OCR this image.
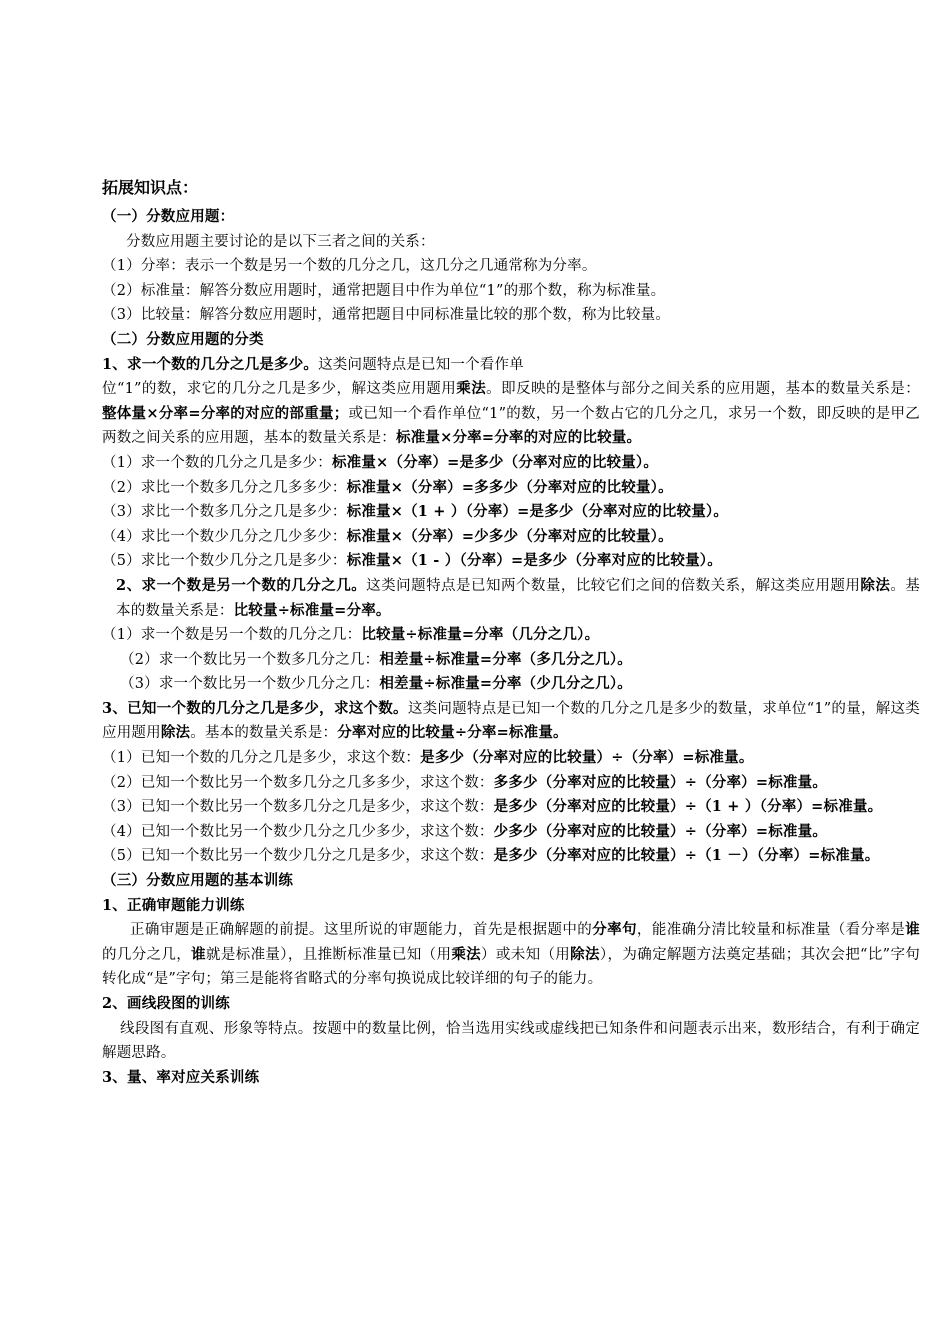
拓展知识点：
（一）分数应用题：
分数应用题主要讨论的是以下三者之间的关系：
（1）分率：表示一个数是另一个数的几分之几，这几分之几通常称为分率。
（2）标准量：解答分数应用题时，通常把题目中作为单位“1”的那个数，称为标准量。
（3）比较量：解答分数应用题时，通常把题目中同标准量比较的那个数，称为比较量。
（二）分数应用题的分类
1、求一个数的几分之几是多少。这类问题特点是已知一个看作单
位“1”的数，求它的几分之几是多少，解这类应用题用乘法。即反映的是整体与部分之间关系的应用题，基本的数量关系是：整体量×分率=分率的对应的部重量；或已知一个看作单位“1”的数，另一个数占它的几分之几，求另一个数，即反映的是甲乙两数之间关系的应用题，基本的数量关系是：标准量×分率=分率的对应的比较量。
（1）求一个数的几分之几是多少：标准量×（分率）=是多少（分率对应的比较量）。
（2）求比一个数多几分之几多多少：标准量×（分率）=多多少（分率对应的比较量）。
（3）求比一个数多几分之几是多少：标准量×（1 + ）（分率）=是多少（分率对应的比较量）。
（4）求比一个数少几分之几少多少：标准量×（分率）=少多少（分率对应的比较量）。
（5）求比一个数少几分之几是多少：标准量×（1 - ）（分率）=是多少（分率对应的比较量）。
2、求一个数是另一个数的几分之几。这类问题特点是已知两个数量，比较它们之间的倍数关系，解这类应用题用除法。基本的数量关系是：比较量÷标准量=分率。
（1）求一个数是另一个数的几分之几：比较量÷标准量=分率（几分之几）。
（2）求一个数比另一个数多几分之几：相差量÷标准量=分率（多几分之几）。
（3）求一个数比另一个数少几分之几：相差量÷标准量=分率（少几分之几）。
3、已知一个数的几分之几是多少，求这个数。这类问题特点是已知一个数的几分之几是多少的数量，求单位“1”的量，解这类应用题用除法。基本的数量关系是：分率对应的比较量÷分率=标准量。
（1）已知一个数的几分之几是多少，求这个数：是多少（分率对应的比较量）÷（分率）=标准量。
（2）已知一个数比另一个数多几分之几多多少，求这个数：多多少（分率对应的比较量）÷（分率）=标准量。
（3）已知一个数比另一个数多几分之几是多少，求这个数：是多少（分率对应的比较量）÷（1 + ）（分率）=标准量。
（4）已知一个数比另一个数少几分之几少多少，求这个数：少多少（分率对应的比较量）÷（分率）=标准量。
（5）已知一个数比另一个数少几分之几是多少，求这个数：是多少（分率对应的比较量）÷（1 －）（分率）=标准量。
（三）分数应用题的基本训练
1、正确审题能力训练
正确审题是正确解题的前提。这里所说的审题能力，首先是根据题中的分率句，能准确分清比较量和标准量（看分率是谁的几分之几，谁就是标准量），且推断标准量已知（用乘法）或未知（用除法），为确定解题方法奠定基础；其次会把“比”字句转化成“是”字句；第三是能将省略式的分率句换说成比较详细的句子的能力。
2、画线段图的训练
线段图有直观、形象等特点。按题中的数量比例，恰当选用实线或虚线把已知条件和问题表示出来，数形结合，有利于确定解题思路。
3、量、率对应关系训练
